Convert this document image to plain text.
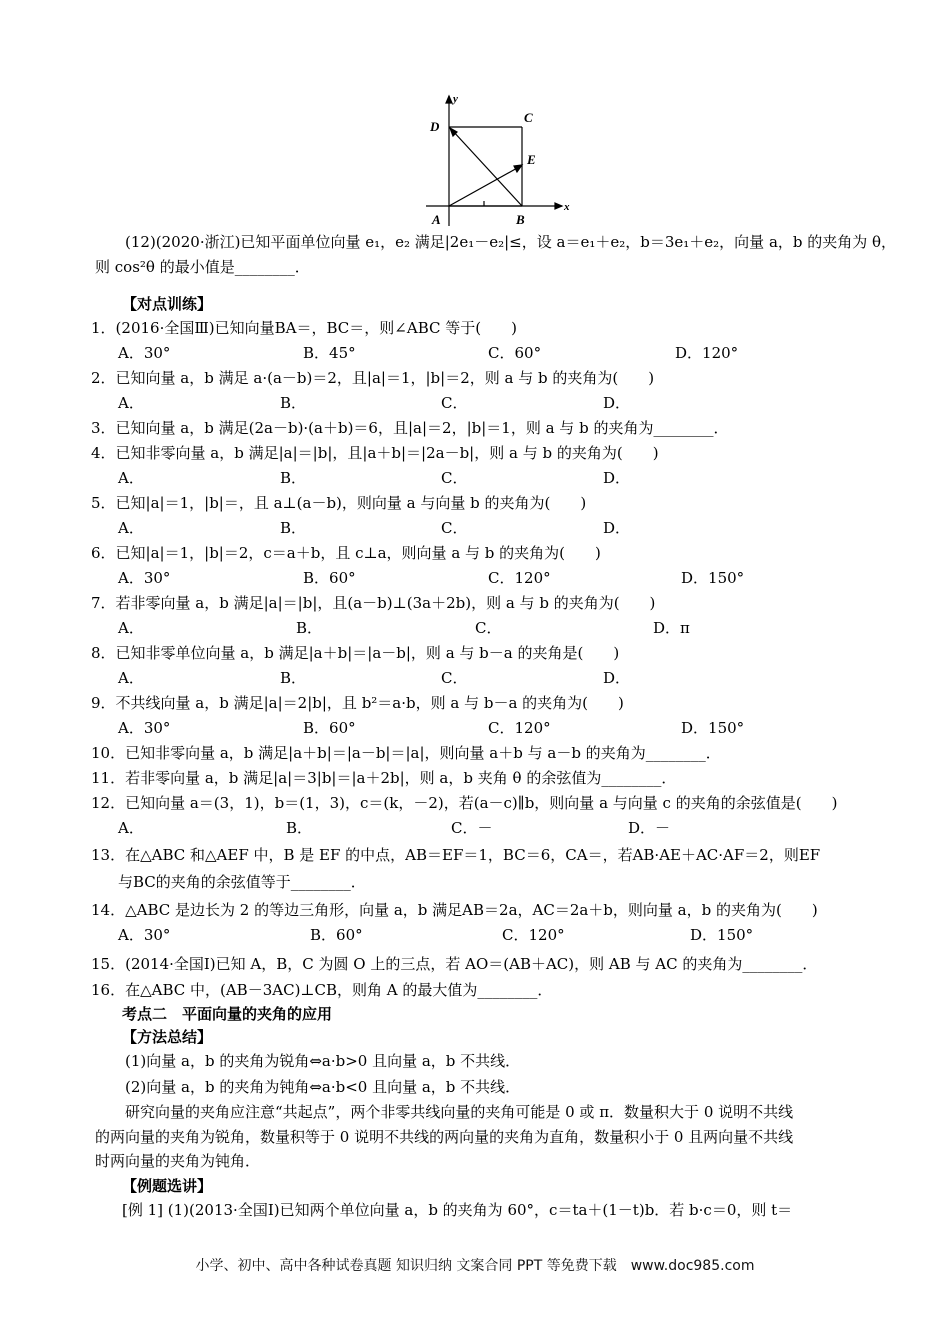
D
C
E
A	B
x
y
(12)(2020·浙江)已知平面单位向量 e₁，e₂ 满足|2e₁－e₂|≤，设 a＝e₁＋e₂，b＝3e₁＋e₂，向量 a，b 的夹角为 θ，
则 cos²θ 的最小值是________．
【对点训练】
1．(2016·全国Ⅲ)已知向量BA＝，BC＝，则∠ABC 等于(　　)
A．30°	B．45°	C．60°	D．120°
2．已知向量 a，b 满足 a·(a－b)＝2，且|a|＝1，|b|＝2，则 a 与 b 的夹角为(　　)
A．	B．	C．	D．
3．已知向量 a，b 满足(2a－b)·(a＋b)＝6，且|a|＝2，|b|＝1，则 a 与 b 的夹角为________．
4．已知非零向量 a，b 满足|a|＝|b|，且|a＋b|＝|2a－b|，则 a 与 b 的夹角为(　　)
A．	B．	C．	D．
5．已知|a|＝1，|b|＝，且 a⊥(a－b)，则向量 a 与向量 b 的夹角为(　　)
A．	B．	C．	D．
6．已知|a|＝1，|b|＝2，c＝a＋b，且 c⊥a，则向量 a 与 b 的夹角为(　　)
A．30°	B．60°	C．120°	D．150°
7．若非零向量 a，b 满足|a|＝|b|，且(a－b)⊥(3a＋2b)，则 a 与 b 的夹角为(　　)
A．	B．	C．	D．π
8．已知非零单位向量 a，b 满足|a＋b|＝|a－b|，则 a 与 b－a 的夹角是(　　)
A．	B．	C．	D．
9．不共线向量 a，b 满足|a|＝2|b|，且 b²＝a·b，则 a 与 b－a 的夹角为(　　)
A．30°	B．60°	C．120°	D．150°
10．已知非零向量 a，b 满足|a＋b|＝|a－b|＝|a|，则向量 a＋b 与 a－b 的夹角为________．
11．若非零向量 a，b 满足|a|＝3|b|＝|a＋2b|，则 a，b 夹角 θ 的余弦值为________．
12．已知向量 a＝(3，1)，b＝(1，3)，c＝(k，－2)，若(a－c)∥b，则向量 a 与向量 c 的夹角的余弦值是(　　)
A．	B．	C．－	D．－
13．在△ABC 和△AEF 中，B 是 EF 的中点，AB＝EF＝1，BC＝6，CA＝，若AB·AE＋AC·AF＝2，则EF
与BC的夹角的余弦值等于________．
14．△ABC 是边长为 2 的等边三角形，向量 a，b 满足AB＝2a，AC＝2a＋b，则向量 a，b 的夹角为(　　)
A．30°	B．60°	C．120°	D．150°
15．(2014·全国Ⅰ)已知 A，B，C 为圆 O 上的三点，若 AO＝(AB＋AC)，则 AB 与 AC 的夹角为________．
16．在△ABC 中，(AB－3AC)⊥CB，则角 A 的最大值为________．
考点二　平面向量的夹角的应用
【方法总结】
(1)向量 a，b 的夹角为锐角⇔a·b>0 且向量 a，b 不共线．
(2)向量 a，b 的夹角为钝角⇔a·b<0 且向量 a，b 不共线．
研究向量的夹角应注意“共起点”，两个非零共线向量的夹角可能是 0 或 π．数量积大于 0 说明不共线
的两向量的夹角为锐角，数量积等于 0 说明不共线的两向量的夹角为直角，数量积小于 0 且两向量不共线
时两向量的夹角为钝角．
【例题选讲】
[例 1] (1)(2013·全国Ⅰ)已知两个单位向量 a，b 的夹角为 60°，c＝ta＋(1－t)b．若 b·c＝0，则 t＝
小学、初中、高中各种试卷真题 知识归纳 文案合同 PPT 等免费下载　www.doc985.com
